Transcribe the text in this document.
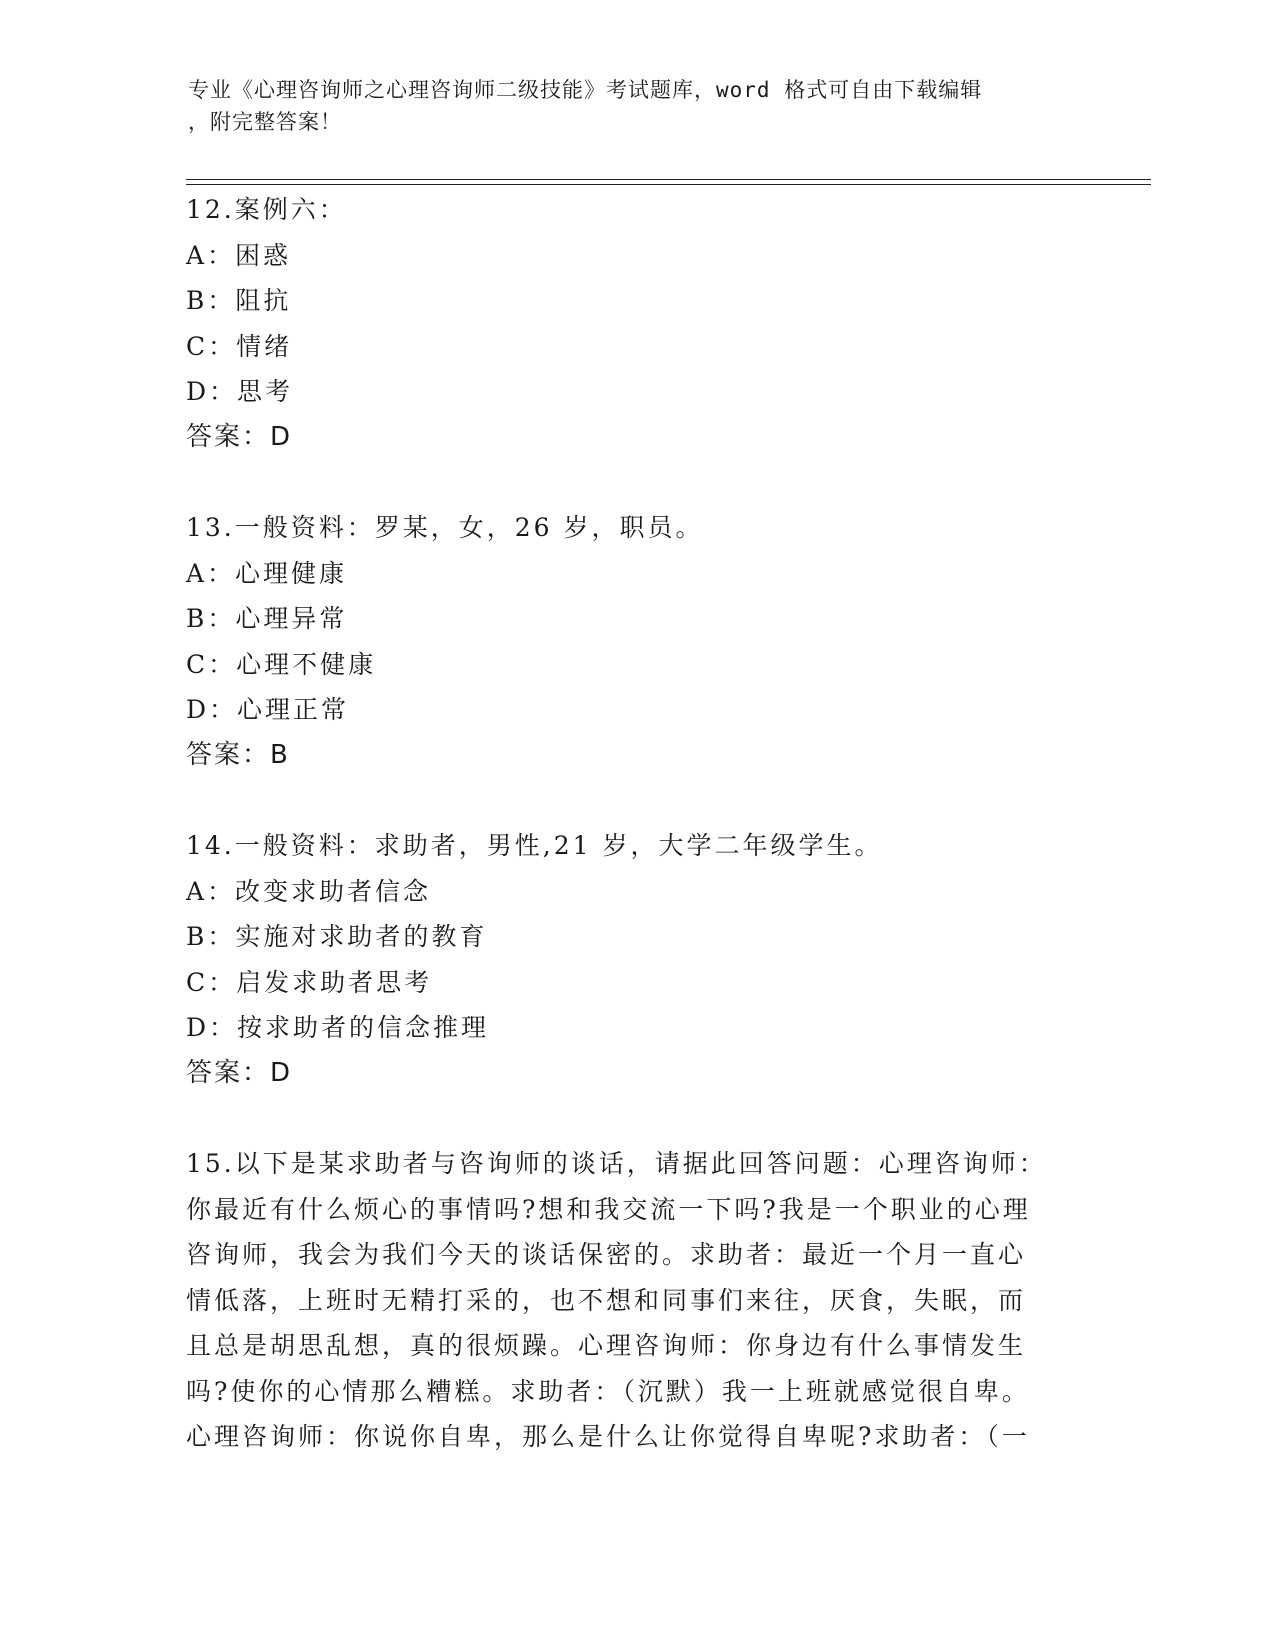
专业《心理咨询师之心理咨询师二级技能》考试题库，word 格式可自由下载编辑
，附完整答案！
12.案例六：
A：困惑
B：阻抗
C：情绪
D：思考
答案：D
13.一般资料：罗某，女，26 岁，职员。
A：心理健康
B：心理异常
C：心理不健康
D：心理正常
答案：B
14.一般资料：求助者，男性,21 岁，大学二年级学生。
A：改变求助者信念
B：实施对求助者的教育
C：启发求助者思考
D：按求助者的信念推理
答案：D
15.以下是某求助者与咨询师的谈话，请据此回答问题：心理咨询师：
你最近有什么烦心的事情吗?想和我交流一下吗?我是一个职业的心理
咨询师，我会为我们今天的谈话保密的。求助者：最近一个月一直心
情低落，上班时无精打采的，也不想和同事们来往，厌食，失眠，而
且总是胡思乱想，真的很烦躁。心理咨询师：你身边有什么事情发生
吗?使你的心情那么糟糕。求助者：（沉默）我一上班就感觉很自卑。
心理咨询师：你说你自卑，那么是什么让你觉得自卑呢?求助者：（一
